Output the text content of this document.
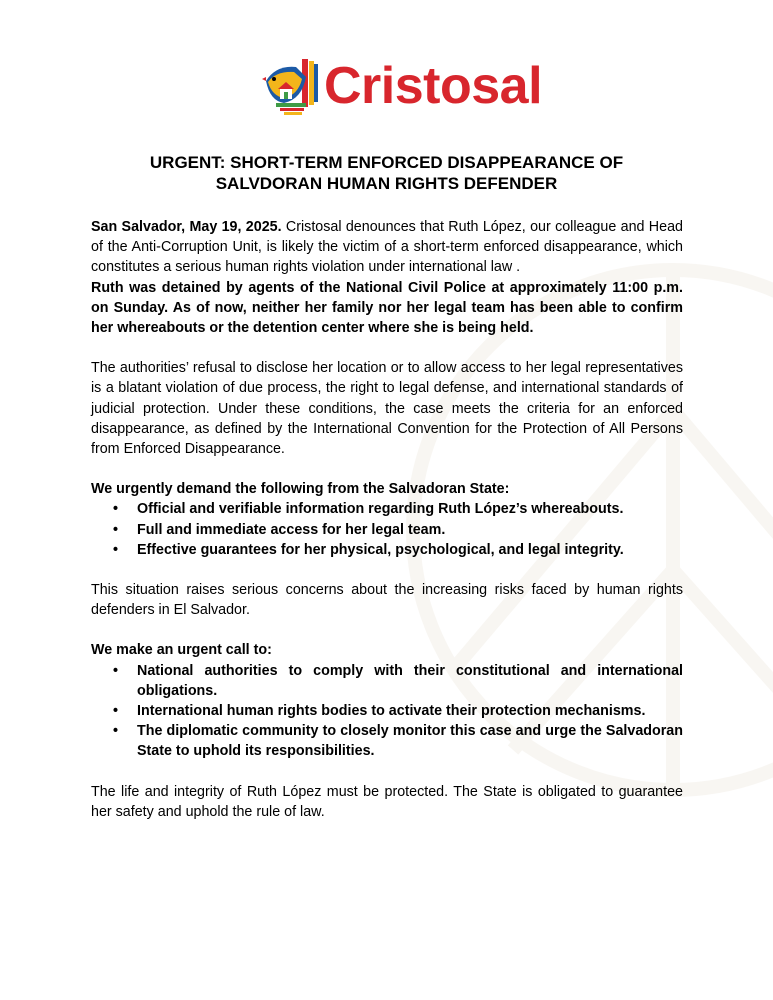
Cristosal
URGENT: SHORT-TERM ENFORCED DISAPPEARANCE OF
SALVDORAN HUMAN RIGHTS DEFENDER

San Salvador, May 19, 2025. Cristosal denounces that Ruth López, our colleague and Head of the Anti-Corruption Unit, is likely the victim of a short-term enforced disappearance, which constitutes a serious human rights violation under international law .

Ruth was detained by agents of the National Civil Police at approximately 11:00 p.m. on Sunday. As of now, neither her family nor her legal team has been able to confirm her whereabouts or the detention center where she is being held.

The authorities’ refusal to disclose her location or to allow access to her legal representatives is a blatant violation of due process, the right to legal defense, and international standards of judicial protection. Under these conditions, the case meets the criteria for an enforced disappearance, as defined by the International Convention for the Protection of All Persons from Enforced Disappearance.

We urgently demand the following from the Salvadoran State:

• Official and verifiable information regarding Ruth López’s whereabouts.
• Full and immediate access for her legal team.
• Effective guarantees for her physical, psychological, and legal integrity.

This situation raises serious concerns about the increasing risks faced by human rights defenders in El Salvador.

We make an urgent call to:

• National authorities to comply with their constitutional and international obligations.
• International human rights bodies to activate their protection mechanisms.
• The diplomatic community to closely monitor this case and urge the Salvadoran State to uphold its responsibilities.

The life and integrity of Ruth López must be protected. The State is obligated to guarantee her safety and uphold the rule of law.
